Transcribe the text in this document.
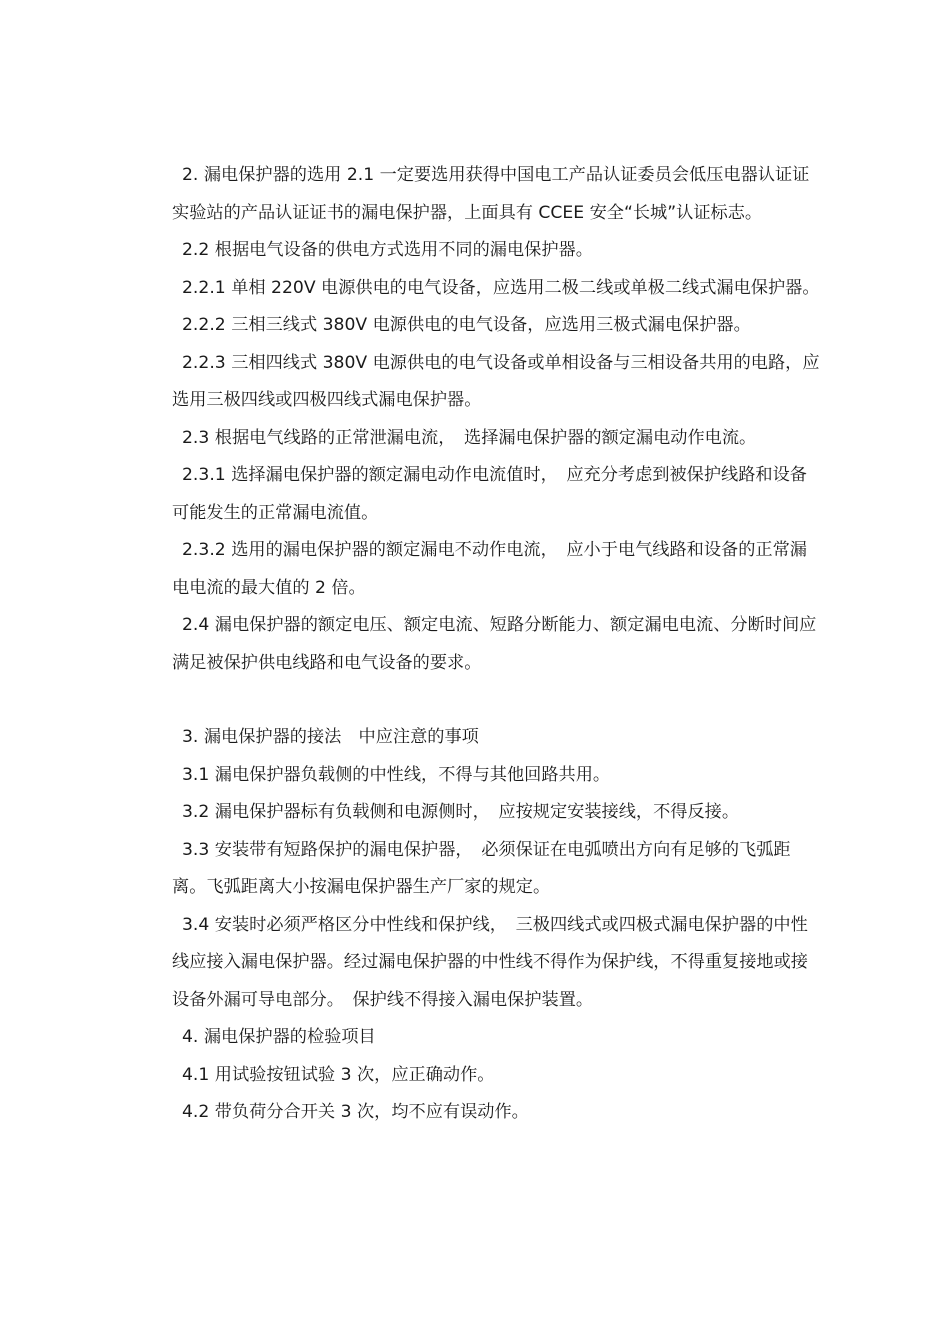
2. 漏电保护器的选用 2.1 一定要选用获得中国电工产品认证委员会低压电器认证证实验站的产品认证证书的漏电保护器，上面具有 CCEE 安全“长城”认证标志。

2.2 根据电气设备的供电方式选用不同的漏电保护器。

2.2.1 单相 220V 电源供电的电气设备，应选用二极二线或单极二线式漏电保护器。

2.2.2 三相三线式 380V 电源供电的电气设备，应选用三极式漏电保护器。

2.2.3 三相四线式 380V 电源供电的电气设备或单相设备与三相设备共用的电路，应选用三极四线或四极四线式漏电保护器。

2.3 根据电气线路的正常泄漏电流，　选择漏电保护器的额定漏电动作电流。

2.3.1 选择漏电保护器的额定漏电动作电流值时，　应充分考虑到被保护线路和设备可能发生的正常漏电流值。

2.3.2 选用的漏电保护器的额定漏电不动作电流，　应小于电气线路和设备的正常漏电电流的最大值的 2 倍。

2.4 漏电保护器的额定电压、额定电流、短路分断能力、额定漏电电流、分断时间应满足被保护供电线路和电气设备的要求。

3. 漏电保护器的接法　中应注意的事项

3.1 漏电保护器负载侧的中性线，不得与其他回路共用。

3.2 漏电保护器标有负载侧和电源侧时，　应按规定安装接线，不得反接。

3.3 安装带有短路保护的漏电保护器，　必须保证在电弧喷出方向有足够的飞弧距离。飞弧距离大小按漏电保护器生产厂家的规定。

3.4 安装时必须严格区分中性线和保护线，　三极四线式或四极式漏电保护器的中性线应接入漏电保护器。经过漏电保护器的中性线不得作为保护线，不得重复接地或接设备外漏可导电部分。　保护线不得接入漏电保护装置。

4. 漏电保护器的检验项目

4.1 用试验按钮试验 3 次，应正确动作。

4.2 带负荷分合开关 3 次，均不应有误动作。
